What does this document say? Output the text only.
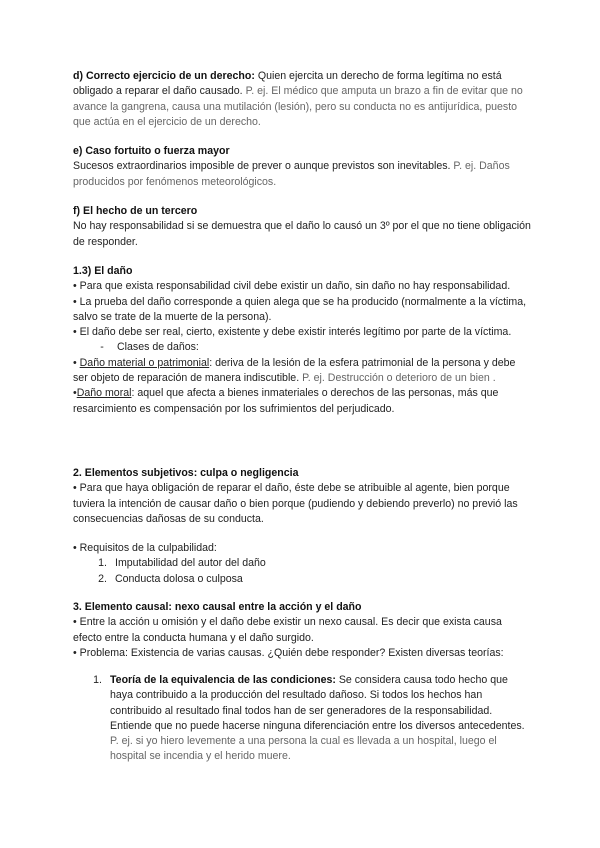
d) Correcto ejercicio de un derecho: Quien ejercita un derecho de forma legítima no está obligado a reparar el daño causado. P. ej. El médico que amputa un brazo a fin de evitar que no avance la gangrena, causa una mutilación (lesión), pero su conducta no es antijurídica, puesto que actúa en el ejercicio de un derecho.

e) Caso fortuito o fuerza mayor

Sucesos extraordinarios imposible de prever o aunque previstos son inevitables. P. ej. Daños producidos por fenómenos meteorológicos.

f) El hecho de un tercero

No hay responsabilidad si se demuestra que el daño lo causó un 3º por el que no tiene obligación de responder.

1.3) El daño

• Para que exista responsabilidad civil debe existir un daño, sin daño no hay responsabilidad.

• La prueba del daño corresponde a quien alega que se ha producido (normalmente a la víctima, salvo se trate de la muerte de la persona).

• El daño debe ser real, cierto, existente y debe existir interés legítimo por parte de la víctima.

- Clases de daños:

• Daño material o patrimonial: deriva de la lesión de la esfera patrimonial de la persona y debe ser objeto de reparación de manera indiscutible. P. ej. Destrucción o deterioro de un bien .

•Daño moral: aquel que afecta a bienes inmateriales o derechos de las personas, más que resarcimiento es compensación por los sufrimientos del perjudicado.

2. Elementos subjetivos: culpa o negligencia

• Para que haya obligación de reparar el daño, éste debe se atribuible al agente, bien porque tuviera la intención de causar daño o bien porque (pudiendo y debiendo preverlo) no previó las consecuencias dañosas de su conducta.

• Requisitos de la culpabilidad:

1. Imputabilidad del autor del daño

2. Conducta dolosa o culposa

3. Elemento causal: nexo causal entre la acción y el daño

• Entre la acción u omisión y el daño debe existir un nexo causal. Es decir que exista causa efecto entre la conducta humana y el daño surgido.

• Problema: Existencia de varias causas. ¿Quién debe responder? Existen diversas teorías:

1. Teoría de la equivalencia de las condiciones: Se considera causa todo hecho que haya contribuido a la producción del resultado dañoso. Si todos los hechos han contribuido al resultado final todos han de ser generadores de la responsabilidad. Entiende que no puede hacerse ninguna diferenciación entre los diversos antecedentes.

P. ej. si yo hiero levemente a una persona la cual es llevada a un hospital, luego el hospital se incendia y el herido muere.
